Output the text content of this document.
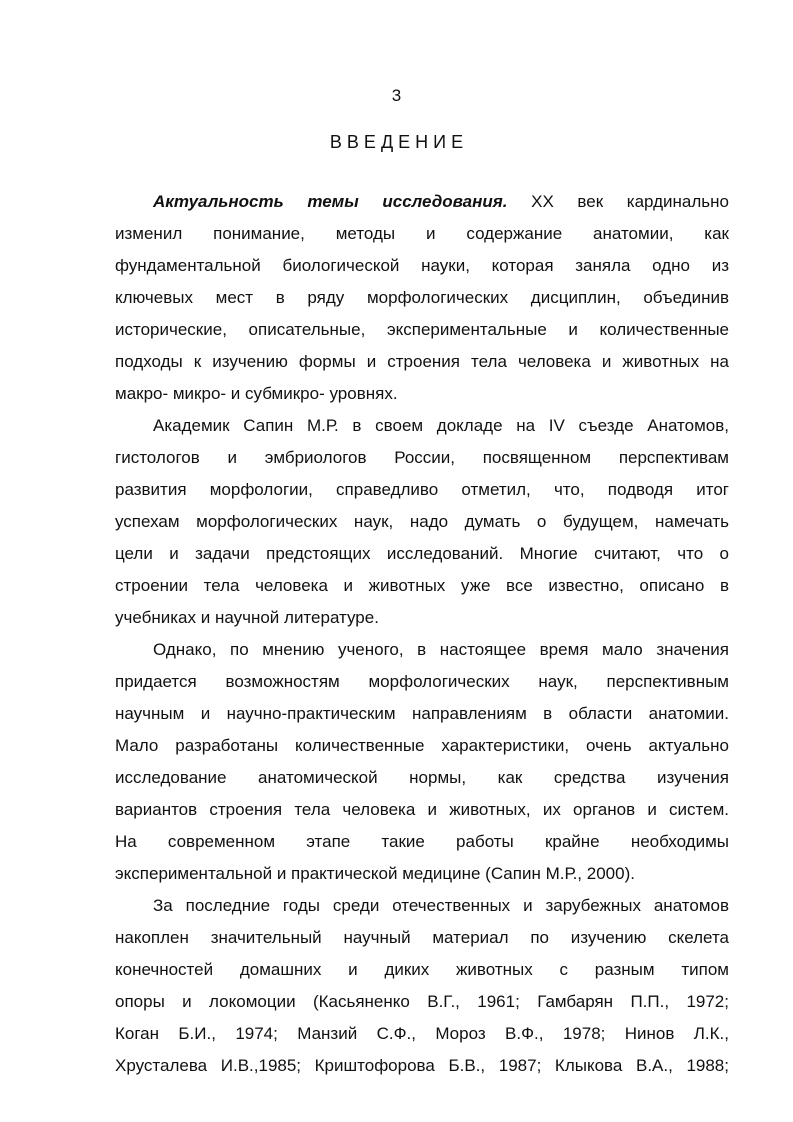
3
ВВЕДЕНИЕ
Актуальность темы исследования. XX век кардинально
изменил понимание, методы и содержание анатомии, как
фундаментальной биологической науки, которая заняла одно из
ключевых мест в ряду морфологических дисциплин, объединив
исторические, описательные, экспериментальные и количественные
подходы к изучению формы и строения тела человека и животных на
макро- микро- и субмикро- уровнях.
Академик Сапин М.Р. в своем докладе на IV съезде Анатомов,
гистологов и эмбриологов России, посвященном перспективам
развития морфологии, справедливо отметил, что, подводя итог
успехам морфологических наук, надо думать о будущем, намечать
цели и задачи предстоящих исследований. Многие считают, что о
строении тела человека и животных уже все известно, описано в
учебниках и научной литературе.
Однако, по мнению ученого, в настоящее время мало значения
придается возможностям морфологических наук, перспективным
научным и научно-практическим направлениям в области анатомии.
Мало разработаны количественные характеристики, очень актуально
исследование анатомической нормы, как средства изучения
вариантов строения тела человека и животных, их органов и систем.
На современном этапе такие работы крайне необходимы
экспериментальной и практической медицине (Сапин М.Р., 2000).
За последние годы среди отечественных и зарубежных анатомов
накоплен значительный научный материал по изучению скелета
конечностей домашних и диких животных с разным типом
опоры и локомоции (Касьяненко В.Г., 1961; Гамбарян П.П., 1972;
Коган Б.И., 1974; Манзий С.Ф., Мороз В.Ф., 1978; Нинов Л.К.,
Хрусталева И.В.,1985; Криштофорова Б.В., 1987; Клыкова В.А., 1988;
